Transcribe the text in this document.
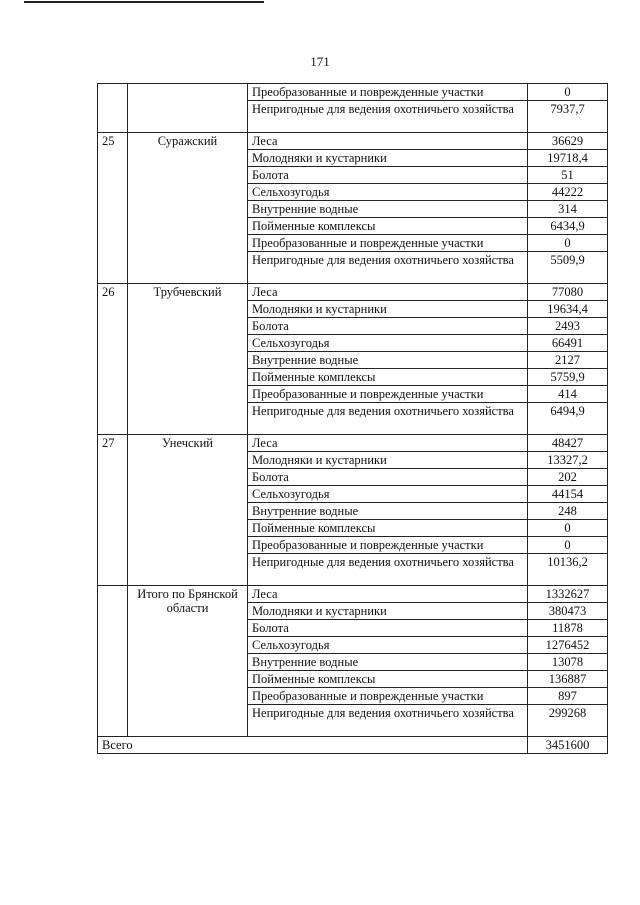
171
		Преобразованные и поврежденные участки	0
		Непригодные для ведения охотничьего хозяйства	7937,7
25	Суражский	Леса	36629
		Молодняки и кустарники	19718,4
		Болота	51
		Сельхозугодья	44222
		Внутренние водные	314
		Пойменные комплексы	6434,9
		Преобразованные и поврежденные участки	0
		Непригодные для ведения охотничьего хозяйства	5509,9
26	Трубчевский	Леса	77080
		Молодняки и кустарники	19634,4
		Болота	2493
		Сельхозугодья	66491
		Внутренние водные	2127
		Пойменные комплексы	5759,9
		Преобразованные и поврежденные участки	414
		Непригодные для ведения охотничьего хозяйства	6494,9
27	Унечский	Леса	48427
		Молодняки и кустарники	13327,2
		Болота	202
		Сельхозугодья	44154
		Внутренние водные	248
		Пойменные комплексы	0
		Преобразованные и поврежденные участки	0
		Непригодные для ведения охотничьего хозяйства	10136,2
	Итого по Брянской области	Леса	1332627
		Молодняки и кустарники	380473
		Болота	11878
		Сельхозугодья	1276452
		Внутренние водные	13078
		Пойменные комплексы	136887
		Преобразованные и поврежденные участки	897
		Непригодные для ведения охотничьего хозяйства	299268
Всего			3451600
